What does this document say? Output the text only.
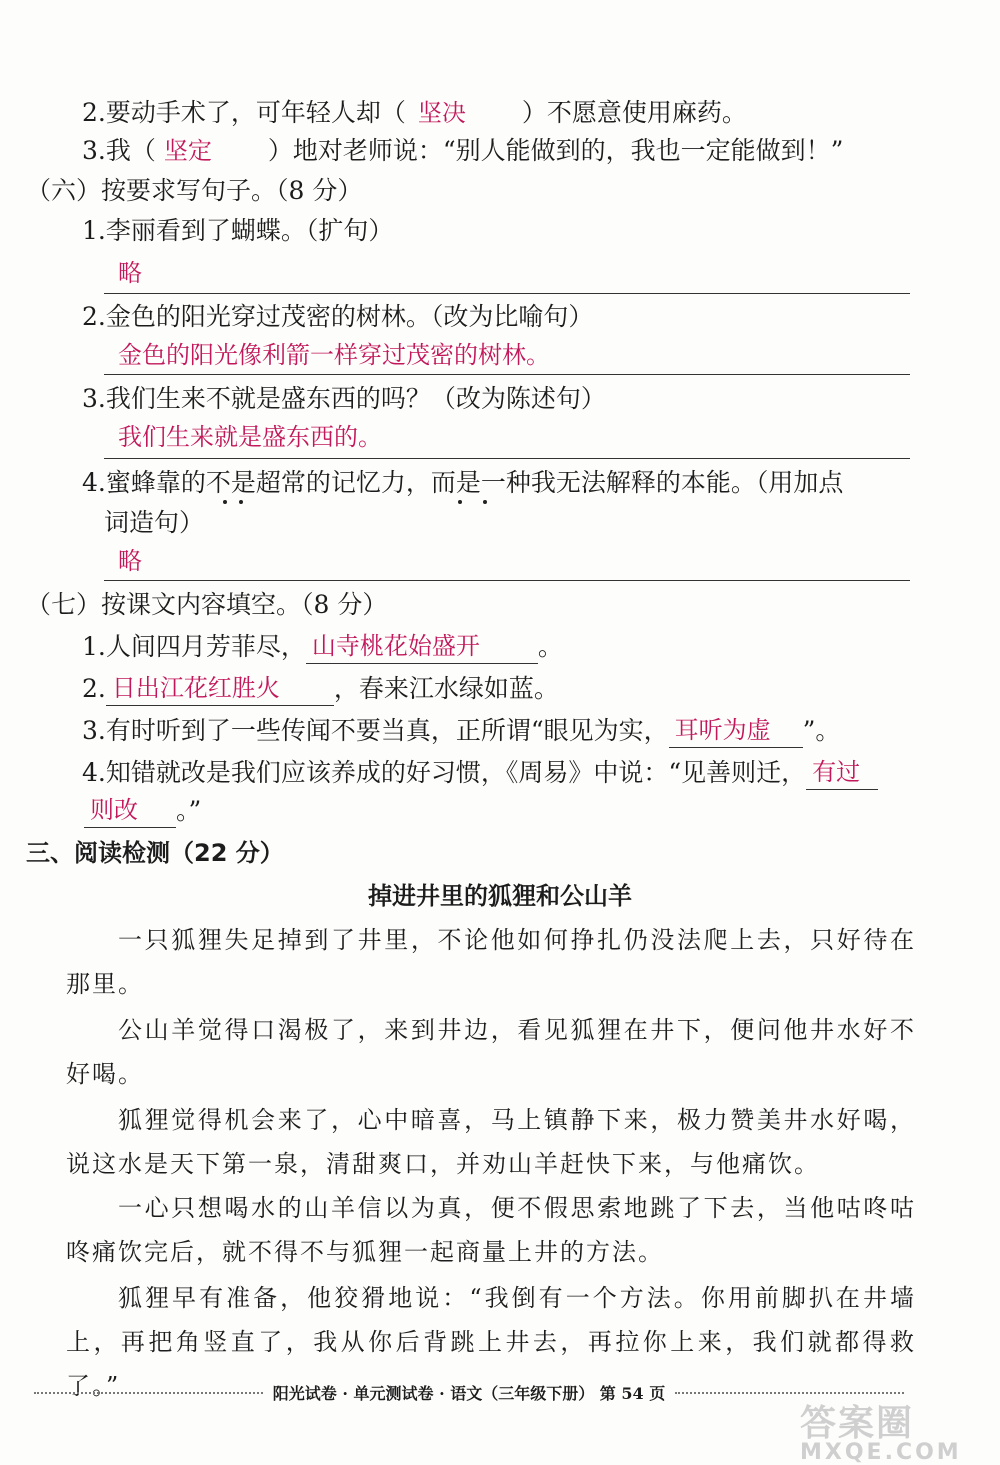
2.要动手术了，可年轻人却（ 坚决 ）不愿意使用麻药。
3.我（ 坚定 ）地对老师说：“别人能做到的，我也一定能做到！”
（六）按要求写句子。（8 分）
1.李丽看到了蝴蝶。（扩句）
略
2.金色的阳光穿过茂密的树林。（改为比喻句）
金色的阳光像利箭一样穿过茂密的树林。
3.我们生来不就是盛东西的吗？（改为陈述句）
我们生来就是盛东西的。
4.蜜蜂靠的不是超常的记忆力，而是一种我无法解释的本能。（用加点
词造句）
略
（七）按课文内容填空。（8 分）
1.人间四月芳菲尽， 山寺桃花始盛开 。
2. 日出江花红胜火 ，春来江水绿如蓝。
3.有时听到了一些传闻不要当真，正所谓“眼见为实， 耳听为虚 ”。
4.知错就改是我们应该养成的好习惯，《周易》中说：“见善则迁， 有过
则改 。”
三、阅读检测（22 分）
掉进井里的狐狸和公山羊
一只狐狸失足掉到了井里，不论他如何挣扎仍没法爬上去，只好待在那里。
公山羊觉得口渴极了，来到井边，看见狐狸在井下，便问他井水好不好喝。
狐狸觉得机会来了，心中暗喜，马上镇静下来，极力赞美井水好喝，说这水是天下第一泉，清甜爽口，并劝山羊赶快下来，与他痛饮。
一心只想喝水的山羊信以为真，便不假思索地跳了下去，当他咕咚咕咚痛饮完后，就不得不与狐狸一起商量上井的方法。
狐狸早有准备，他狡猾地说：“我倒有一个方法。你用前脚扒在井墙上，再把角竖直了，我从你后背跳上井去，再拉你上来，我们就都得救了。”	阳光试卷 · 单元测试卷 · 语文（三年级下册） 第 54 页
答案圈
MXQE.COM
